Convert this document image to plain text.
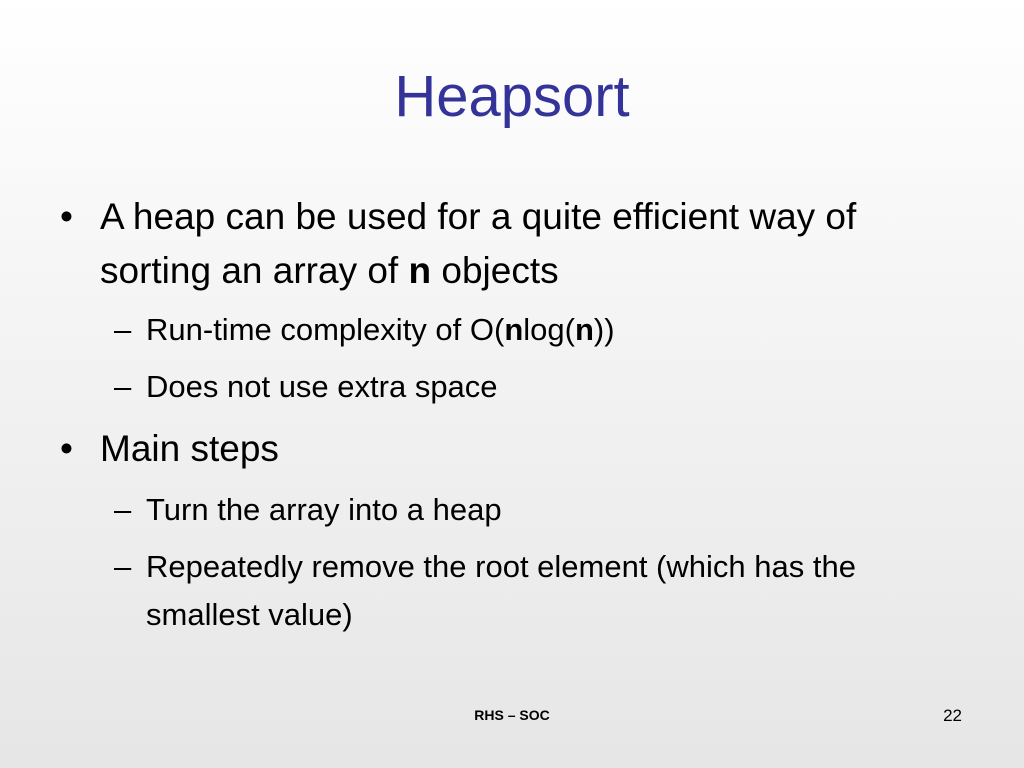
Heapsort
• A heap can be used for a quite efficient way of sorting an array of n objects
– Run-time complexity of O(nlog(n))
– Does not use extra space
• Main steps
– Turn the array into a heap
– Repeatedly remove the root element (which has the smallest value)
RHS – SOC	22
